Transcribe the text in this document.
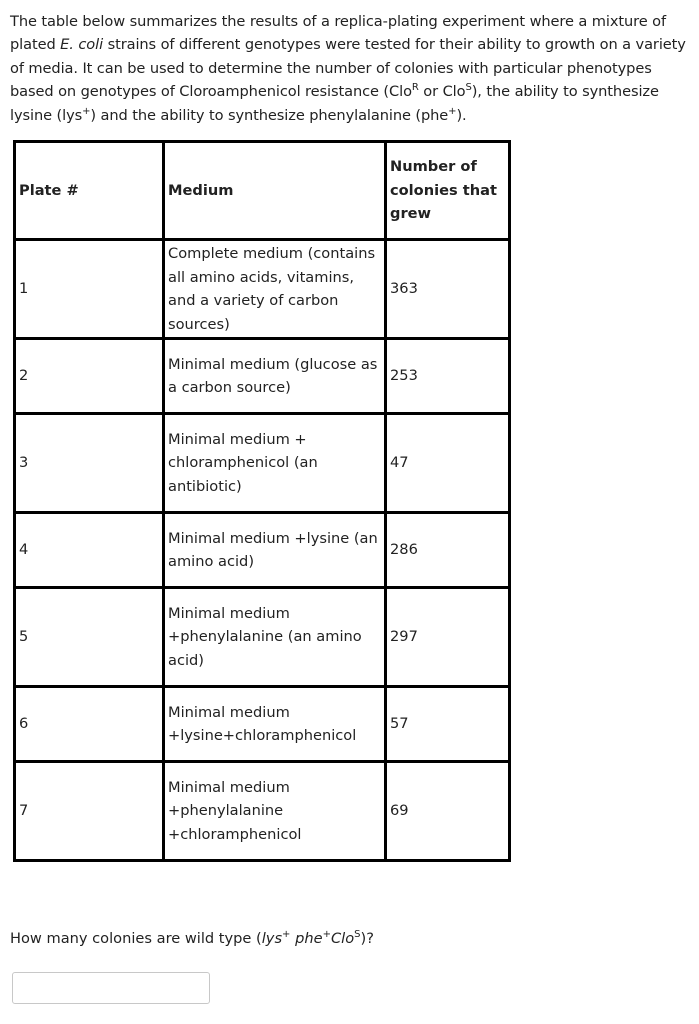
The table below summarizes the results of a replica-plating experiment where a mixture of plated E. coli strains of different genotypes were tested for their ability to growth on a variety of media. It can be used to determine the number of colonies with particular phenotypes based on genotypes of Cloroamphenicol resistance (Clo$^R$ or Clo$^S$), the ability to synthesize lysine (lys+) and the ability to synthesize phenylalanine (phe+).
Plate #	Medium	Number of colonies that grew
1	Complete medium (contains all amino acids, vitamins, and a variety of carbon sources)	363
2	Minimal medium (glucose as a carbon source)	253
3	Minimal medium + chloramphenicol (an antibiotic)	47
4	Minimal medium +lysine (an amino acid)	286
5	Minimal medium +phenylalanine (an amino acid)	297
6	Minimal medium +lysine+chloramphenicol	57
7	Minimal medium +phenylalanine +chloramphenicol	69
How many colonies are wild type (lys+ phe+Clo$^S$)?
